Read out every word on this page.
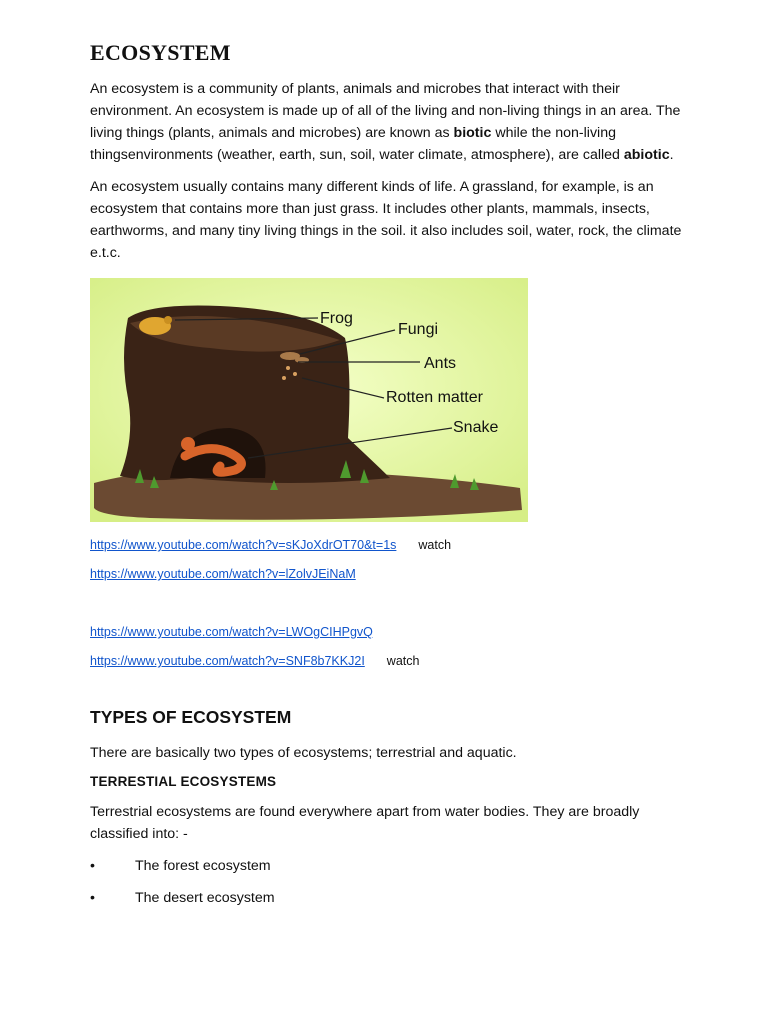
ECOSYSTEM

An ecosystem is a community of plants, animals and microbes that interact with their environment. An ecosystem is made up of all of the living and non-living things in an area. The living things (plants, animals and microbes) are known as biotic while the non-living thingsenvironments (weather, earth, sun, soil, water climate, atmosphere), are called abiotic.

An ecosystem usually contains many different kinds of life. A grassland, for example, is an ecosystem that contains more than just grass. It includes other plants, mammals, insects, earthworms, and many tiny living things in the soil. it also includes soil, water, rock, the climate e.t.c.

Frog
Fungi
Ants
Rotten matter
Snake
https://www.youtube.com/watch?v=sKJoXdrOT70&t=1s watch
https://www.youtube.com/watch?v=lZolvJEiNaM
https://www.youtube.com/watch?v=LWOgCIHPgvQ
https://www.youtube.com/watch?v=SNF8b7KKJ2I watch
TYPES OF ECOSYSTEM

There are basically two types of ecosystems; terrestrial and aquatic.

TERRESTIAL ECOSYSTEMS

Terrestrial ecosystems are found everywhere apart from water bodies. They are broadly classified into: -

•	The forest ecosystem
•	The desert ecosystem
